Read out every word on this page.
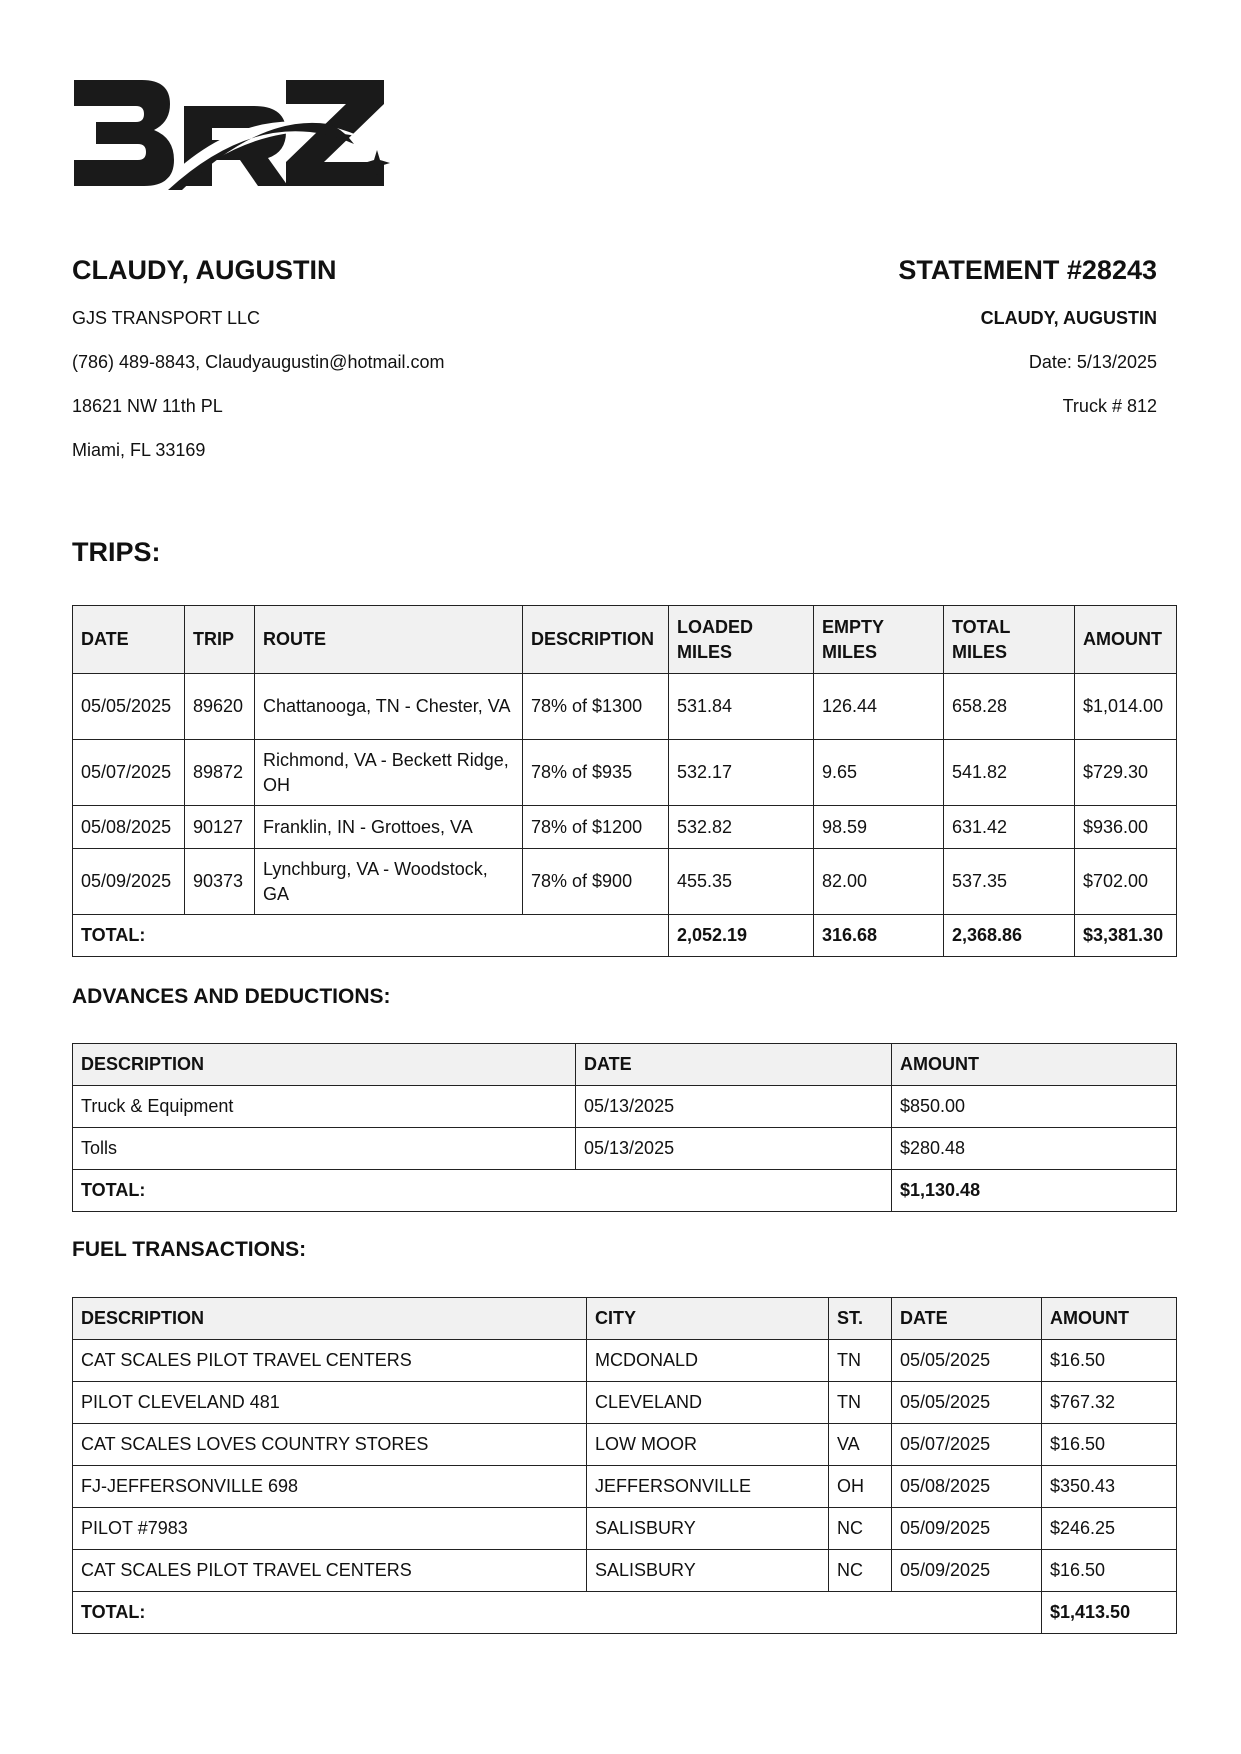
CLAUDY, AUGUSTIN

GJS TRANSPORT LLC

(786) 489-8843, Claudyaugustin@hotmail.com

18621 NW 11th PL

Miami, FL 33169

STATEMENT #28243

CLAUDY, AUGUSTIN

Date: 5/13/2025

Truck # 812

TRIPS:
DATE	TRIP	ROUTE	DESCRIPTION	LOADED MILES	EMPTY MILES	TOTAL MILES	AMOUNT
05/05/2025	89620	Chattanooga, TN - Chester, VA	78% of $1300	531.84	126.44	658.28	$1,014.00
05/07/2025	89872	Richmond, VA - Beckett Ridge, OH	78% of $935	532.17	9.65	541.82	$729.30
05/08/2025	90127	Franklin, IN - Grottoes, VA	78% of $1200	532.82	98.59	631.42	$936.00
05/09/2025	90373	Lynchburg, VA - Woodstock, GA	78% of $900	455.35	82.00	537.35	$702.00
TOTAL:				2,052.19	316.68	2,368.86	$3,381.30
ADVANCES AND DEDUCTIONS:
DESCRIPTION	DATE	AMOUNT
Truck & Equipment	05/13/2025	$850.00
Tolls	05/13/2025	$280.48
TOTAL:		$1,130.48
FUEL TRANSACTIONS:
DESCRIPTION	CITY	ST.	DATE	AMOUNT
CAT SCALES PILOT TRAVEL CENTERS	MCDONALD	TN	05/05/2025	$16.50
PILOT CLEVELAND 481	CLEVELAND	TN	05/05/2025	$767.32
CAT SCALES LOVES COUNTRY STORES	LOW MOOR	VA	05/07/2025	$16.50
FJ-JEFFERSONVILLE 698	JEFFERSONVILLE	OH	05/08/2025	$350.43
PILOT #7983	SALISBURY	NC	05/09/2025	$246.25
CAT SCALES PILOT TRAVEL CENTERS	SALISBURY	NC	05/09/2025	$16.50
TOTAL:				$1,413.50
